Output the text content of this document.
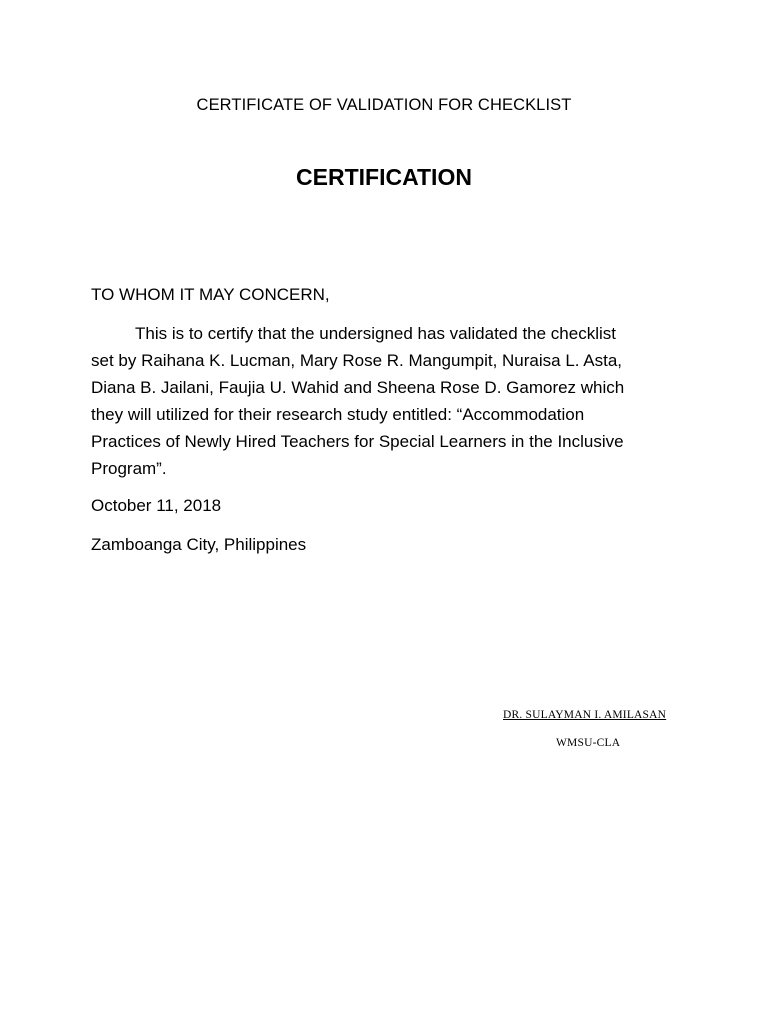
CERTIFICATE OF VALIDATION FOR CHECKLIST
CERTIFICATION
TO WHOM IT MAY CONCERN,
This is to certify that the undersigned has validated the checklist
set by Raihana K. Lucman, Mary Rose R. Mangumpit, Nuraisa L. Asta,
Diana B. Jailani, Faujia U. Wahid and Sheena Rose D. Gamorez which
they will utilized for their research study entitled: “Accommodation
Practices of Newly Hired Teachers for Special Learners in the Inclusive
Program”.
October 11, 2018
Zamboanga City, Philippines
DR. SULAYMAN I. AMILASAN
WMSU-CLA
